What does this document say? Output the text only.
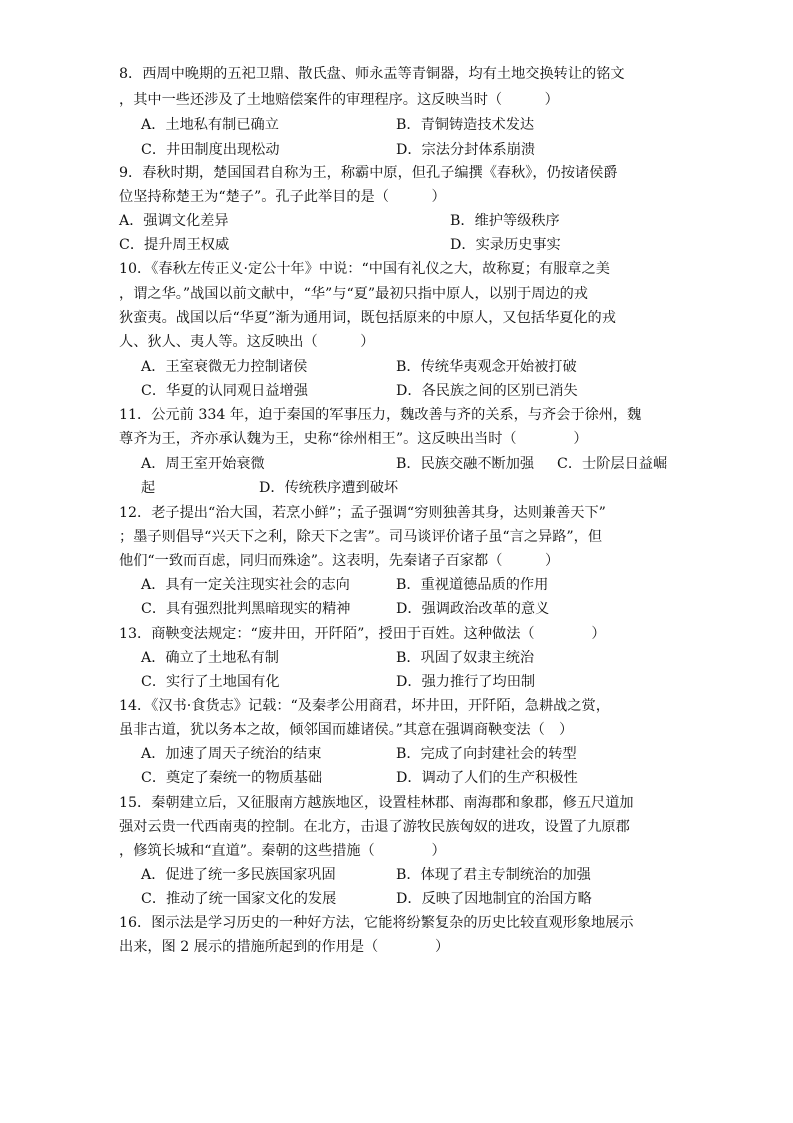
8．西周中晚期的五祀卫鼎、散氏盘、师永盂等青铜器，均有土地交换转让的铭文
，其中一些还涉及了土地赔偿案件的审理程序。这反映当时（　　　）
A．土地私有制已确立	B．青铜铸造技术发达
C．井田制度出现松动	D．宗法分封体系崩溃
9．春秋时期，楚国国君自称为王，称霸中原，但孔子编撰《春秋》，仍按诸侯爵
位坚持称楚王为“楚子”。孔子此举目的是（　　　）
A．强调文化差异	B．维护等级秩序
C．提升周王权威	D．实录历史事实
10．《春秋左传正义·定公十年》中说：“中国有礼仪之大，故称夏；有服章之美
，谓之华。”战国以前文献中，“华”与“夏”最初只指中原人，以别于周边的戎
狄蛮夷。战国以后“华夏”渐为通用词，既包括原来的中原人，又包括华夏化的戎
人、狄人、夷人等。这反映出（　　　）
A．王室衰微无力控制诸侯	B．传统华夷观念开始被打破
C．华夏的认同观日益增强	D．各民族之间的区别已消失
11．公元前 334 年，迫于秦国的军事压力，魏改善与齐的关系，与齐会于徐州，魏
尊齐为王，齐亦承认魏为王，史称“徐州相王”。这反映出当时（　　　　）
A．周王室开始衰微	B．民族交融不断加强 C．士阶层日益崛
起	D．传统秩序遭到破坏
12．老子提出“治大国，若烹小鲜”；孟子强调“穷则独善其身，达则兼善天下”
；墨子则倡导“兴天下之利，除天下之害”。司马谈评价诸子虽“言之异路”，但
他们“一致而百虑，同归而殊途”。这表明，先秦诸子百家都（　　　）
A．具有一定关注现实社会的志向	B．重视道德品质的作用
C．具有强烈批判黑暗现实的精神	D．强调政治改革的意义
13．商鞅变法规定：“废井田，开阡陌”，授田于百姓。这种做法（　　　　）
A．确立了土地私有制	B．巩固了奴隶主统治
C．实行了土地国有化	D．强力推行了均田制
14．《汉书·食货志》记载：“及秦孝公用商君，坏井田，开阡陌，急耕战之赏，
虽非古道，犹以务本之故，倾邻国而雄诸侯。”其意在强调商鞅变法（　）
A．加速了周天子统治的结束	B．完成了向封建社会的转型
C．奠定了秦统一的物质基础	D．调动了人们的生产积极性
15．秦朝建立后，又征服南方越族地区，设置桂林郡、南海郡和象郡，修五尺道加
强对云贵一代西南夷的控制。在北方，击退了游牧民族匈奴的进攻，设置了九原郡
，修筑长城和“直道”。秦朝的这些措施（　　　　）
A．促进了统一多民族国家巩固	B．体现了君主专制统治的加强
C．推动了统一国家文化的发展	D．反映了因地制宜的治国方略
16．图示法是学习历史的一种好方法，它能将纷繁复杂的历史比较直观形象地展示
出来，图 2 展示的措施所起到的作用是（　　　　）
